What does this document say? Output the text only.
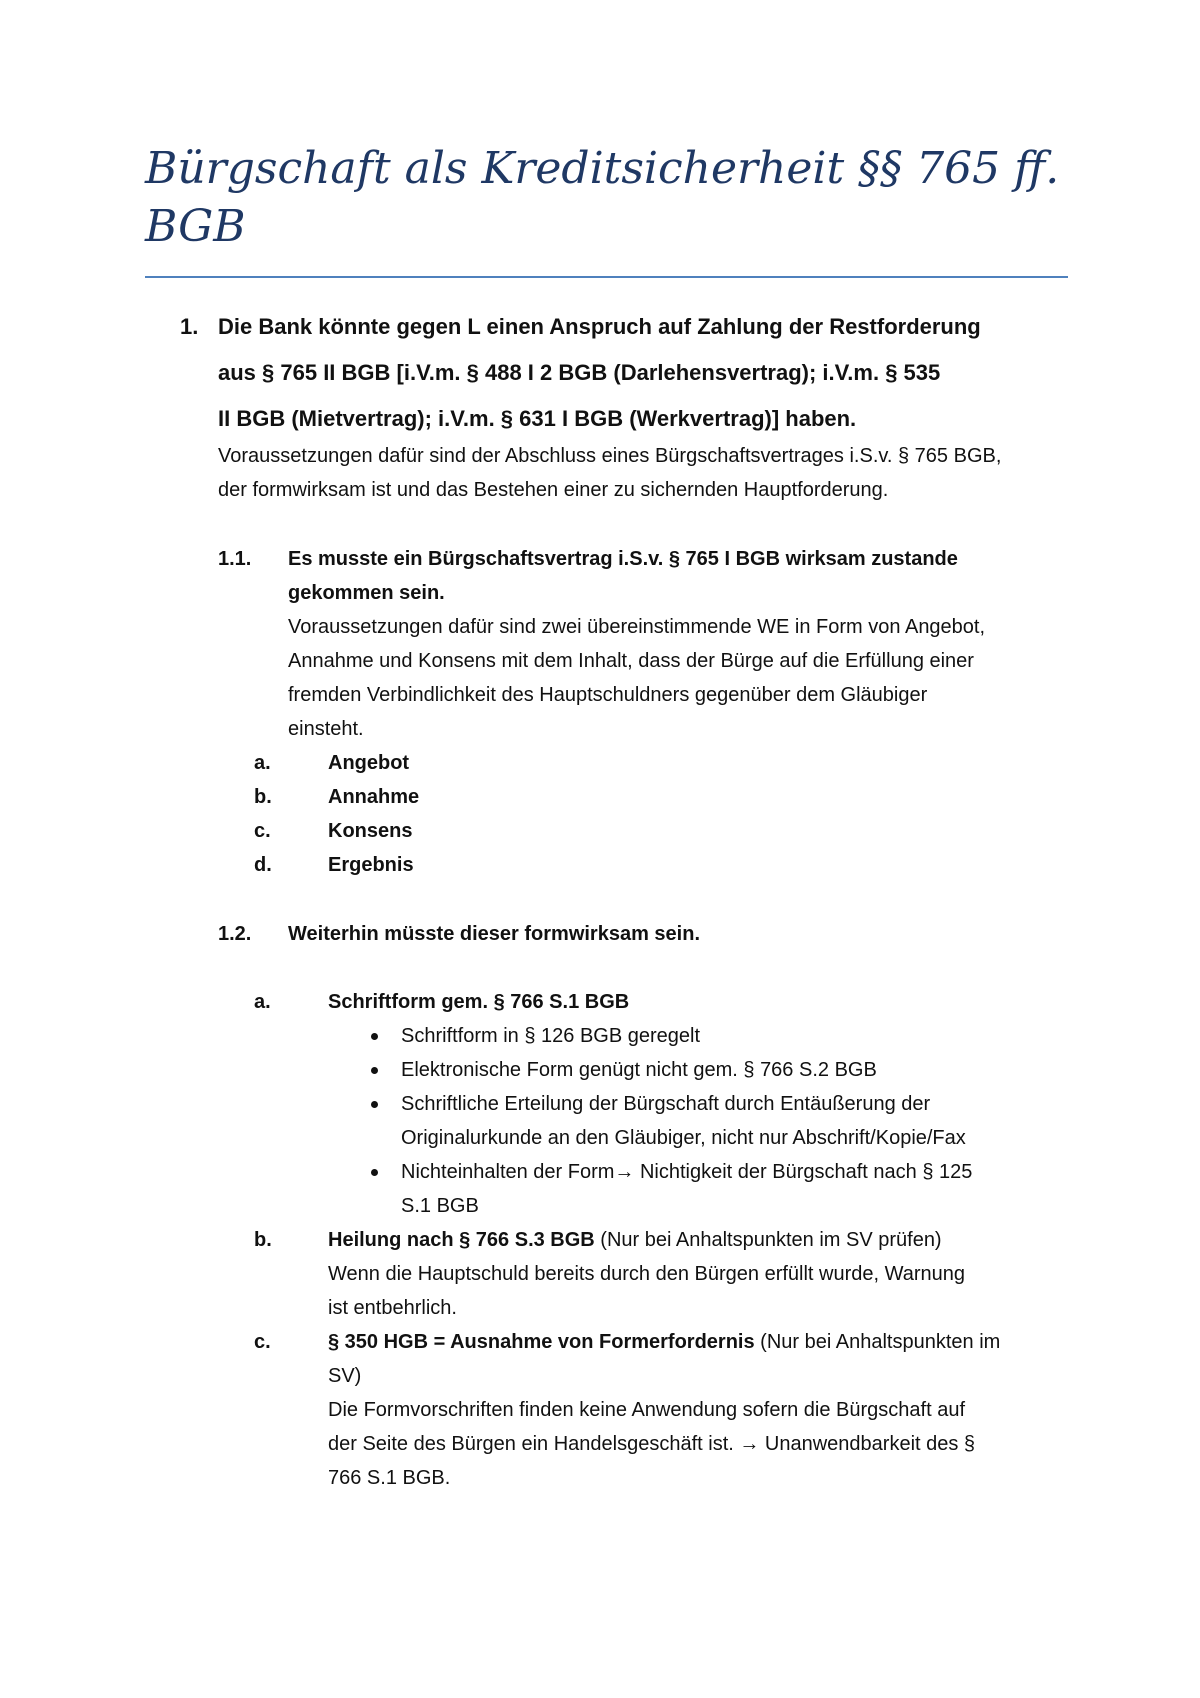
Bürgschaft als Kreditsicherheit §§ 765 ff.
BGB
1. Die Bank könnte gegen L einen Anspruch auf Zahlung der Restforderung
aus § 765 II BGB [i.V.m. § 488 I 2 BGB (Darlehensvertrag); i.V.m. § 535
II BGB (Mietvertrag); i.V.m. § 631 I BGB (Werkvertrag)] haben.
Voraussetzungen dafür sind der Abschluss eines Bürgschaftsvertrages i.S.v. § 765 BGB,
der formwirksam ist und das Bestehen einer zu sichernden Hauptforderung.
1.1. Es musste ein Bürgschaftsvertrag i.S.v. § 765 I BGB wirksam zustande
gekommen sein.
Voraussetzungen dafür sind zwei übereinstimmende WE in Form von Angebot,
Annahme und Konsens mit dem Inhalt, dass der Bürge auf die Erfüllung einer
fremden Verbindlichkeit des Hauptschuldners gegenüber dem Gläubiger
einsteht.
a.	Angebot
b.	Annahme
c.	Konsens
d.	Ergebnis
1.2. Weiterhin müsste dieser formwirksam sein.
a.	Schriftform gem. § 766 S.1 BGB
Schriftform in § 126 BGB geregelt
Elektronische Form genügt nicht gem. § 766 S.2 BGB
Schriftliche Erteilung der Bürgschaft durch Entäußerung der
Originalurkunde an den Gläubiger, nicht nur Abschrift/Kopie/Fax
Nichteinhalten der Form→ Nichtigkeit der Bürgschaft nach § 125
S.1 BGB
b.	Heilung nach § 766 S.3 BGB (Nur bei Anhaltspunkten im SV prüfen)
Wenn die Hauptschuld bereits durch den Bürgen erfüllt wurde, Warnung
ist entbehrlich.
c.	§ 350 HGB = Ausnahme von Formerfordernis (Nur bei Anhaltspunkten im
SV)
Die Formvorschriften finden keine Anwendung sofern die Bürgschaft auf
der Seite des Bürgen ein Handelsgeschäft ist. → Unanwendbarkeit des §
766 S.1 BGB.
